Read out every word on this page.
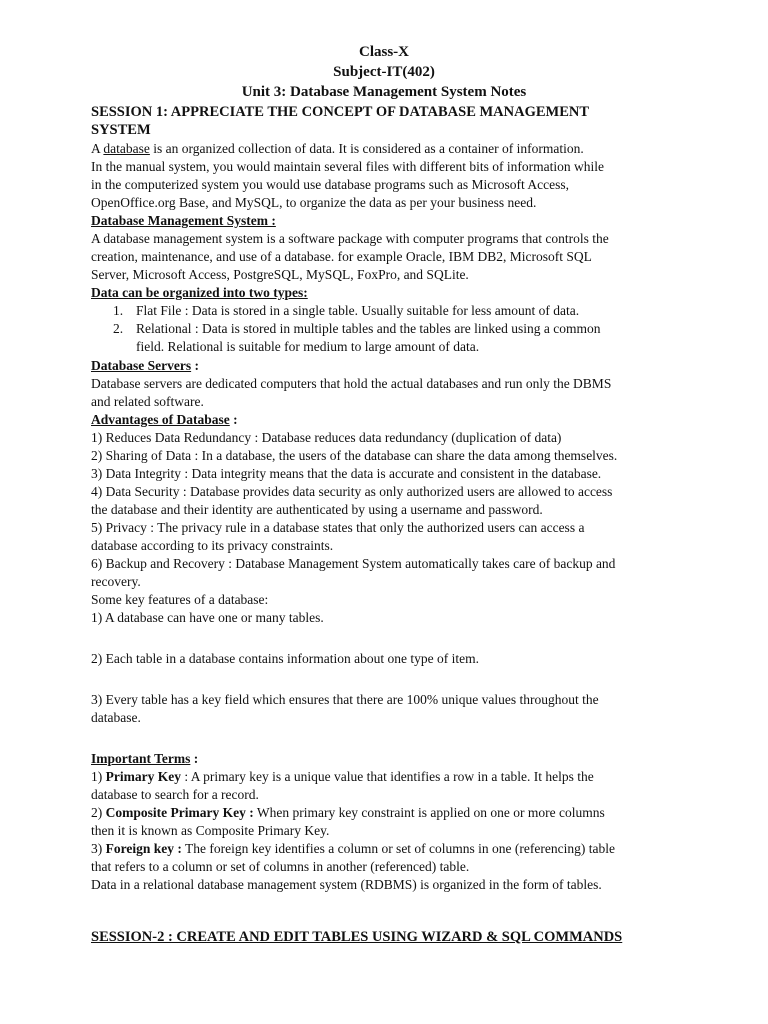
Class-X

Subject-IT(402)

Unit 3: Database Management System Notes

SESSION 1: APPRECIATE THE CONCEPT OF DATABASE MANAGEMENT

SYSTEM

A database is an organized collection of data. It is considered as a container of information.

In the manual system, you would maintain several files with different bits of information while

in the computerized system you would use database programs such as Microsoft Access,

OpenOffice.org Base, and MySQL, to organize the data as per your business need.

Database Management System :

A database management system is a software package with computer programs that controls the

creation, maintenance, and use of a database. for example Oracle, IBM DB2, Microsoft SQL

Server, Microsoft Access, PostgreSQL, MySQL, FoxPro, and SQLite.

Data can be organized into two types:

1. Flat File : Data is stored in a single table. Usually suitable for less amount of data.

2. Relational : Data is stored in multiple tables and the tables are linked using a common

field. Relational is suitable for medium to large amount of data.

Database Servers :

Database servers are dedicated computers that hold the actual databases and run only the DBMS

and related software.

Advantages of Database :

1) Reduces Data Redundancy : Database reduces data redundancy (duplication of data)

2) Sharing of Data : In a database, the users of the database can share the data among themselves.

3) Data Integrity : Data integrity means that the data is accurate and consistent in the database.

4) Data Security : Database provides data security as only authorized users are allowed to access

the database and their identity are authenticated by using a username and password.

5) Privacy : The privacy rule in a database states that only the authorized users can access a

database according to its privacy constraints.

6) Backup and Recovery : Database Management System automatically takes care of backup and

recovery.

Some key features of a database:

1) A database can have one or many tables.

2) Each table in a database contains information about one type of item.

3) Every table has a key field which ensures that there are 100% unique values throughout the

database.

Important Terms :

1) Primary Key : A primary key is a unique value that identifies a row in a table. It helps the

database to search for a record.

2) Composite Primary Key : When primary key constraint is applied on one or more columns

then it is known as Composite Primary Key.

3) Foreign key : The foreign key identifies a column or set of columns in one (referencing) table

that refers to a column or set of columns in another (referenced) table.

Data in a relational database management system (RDBMS) is organized in the form of tables.

SESSION-2 : CREATE AND EDIT TABLES USING WIZARD & SQL COMMANDS
